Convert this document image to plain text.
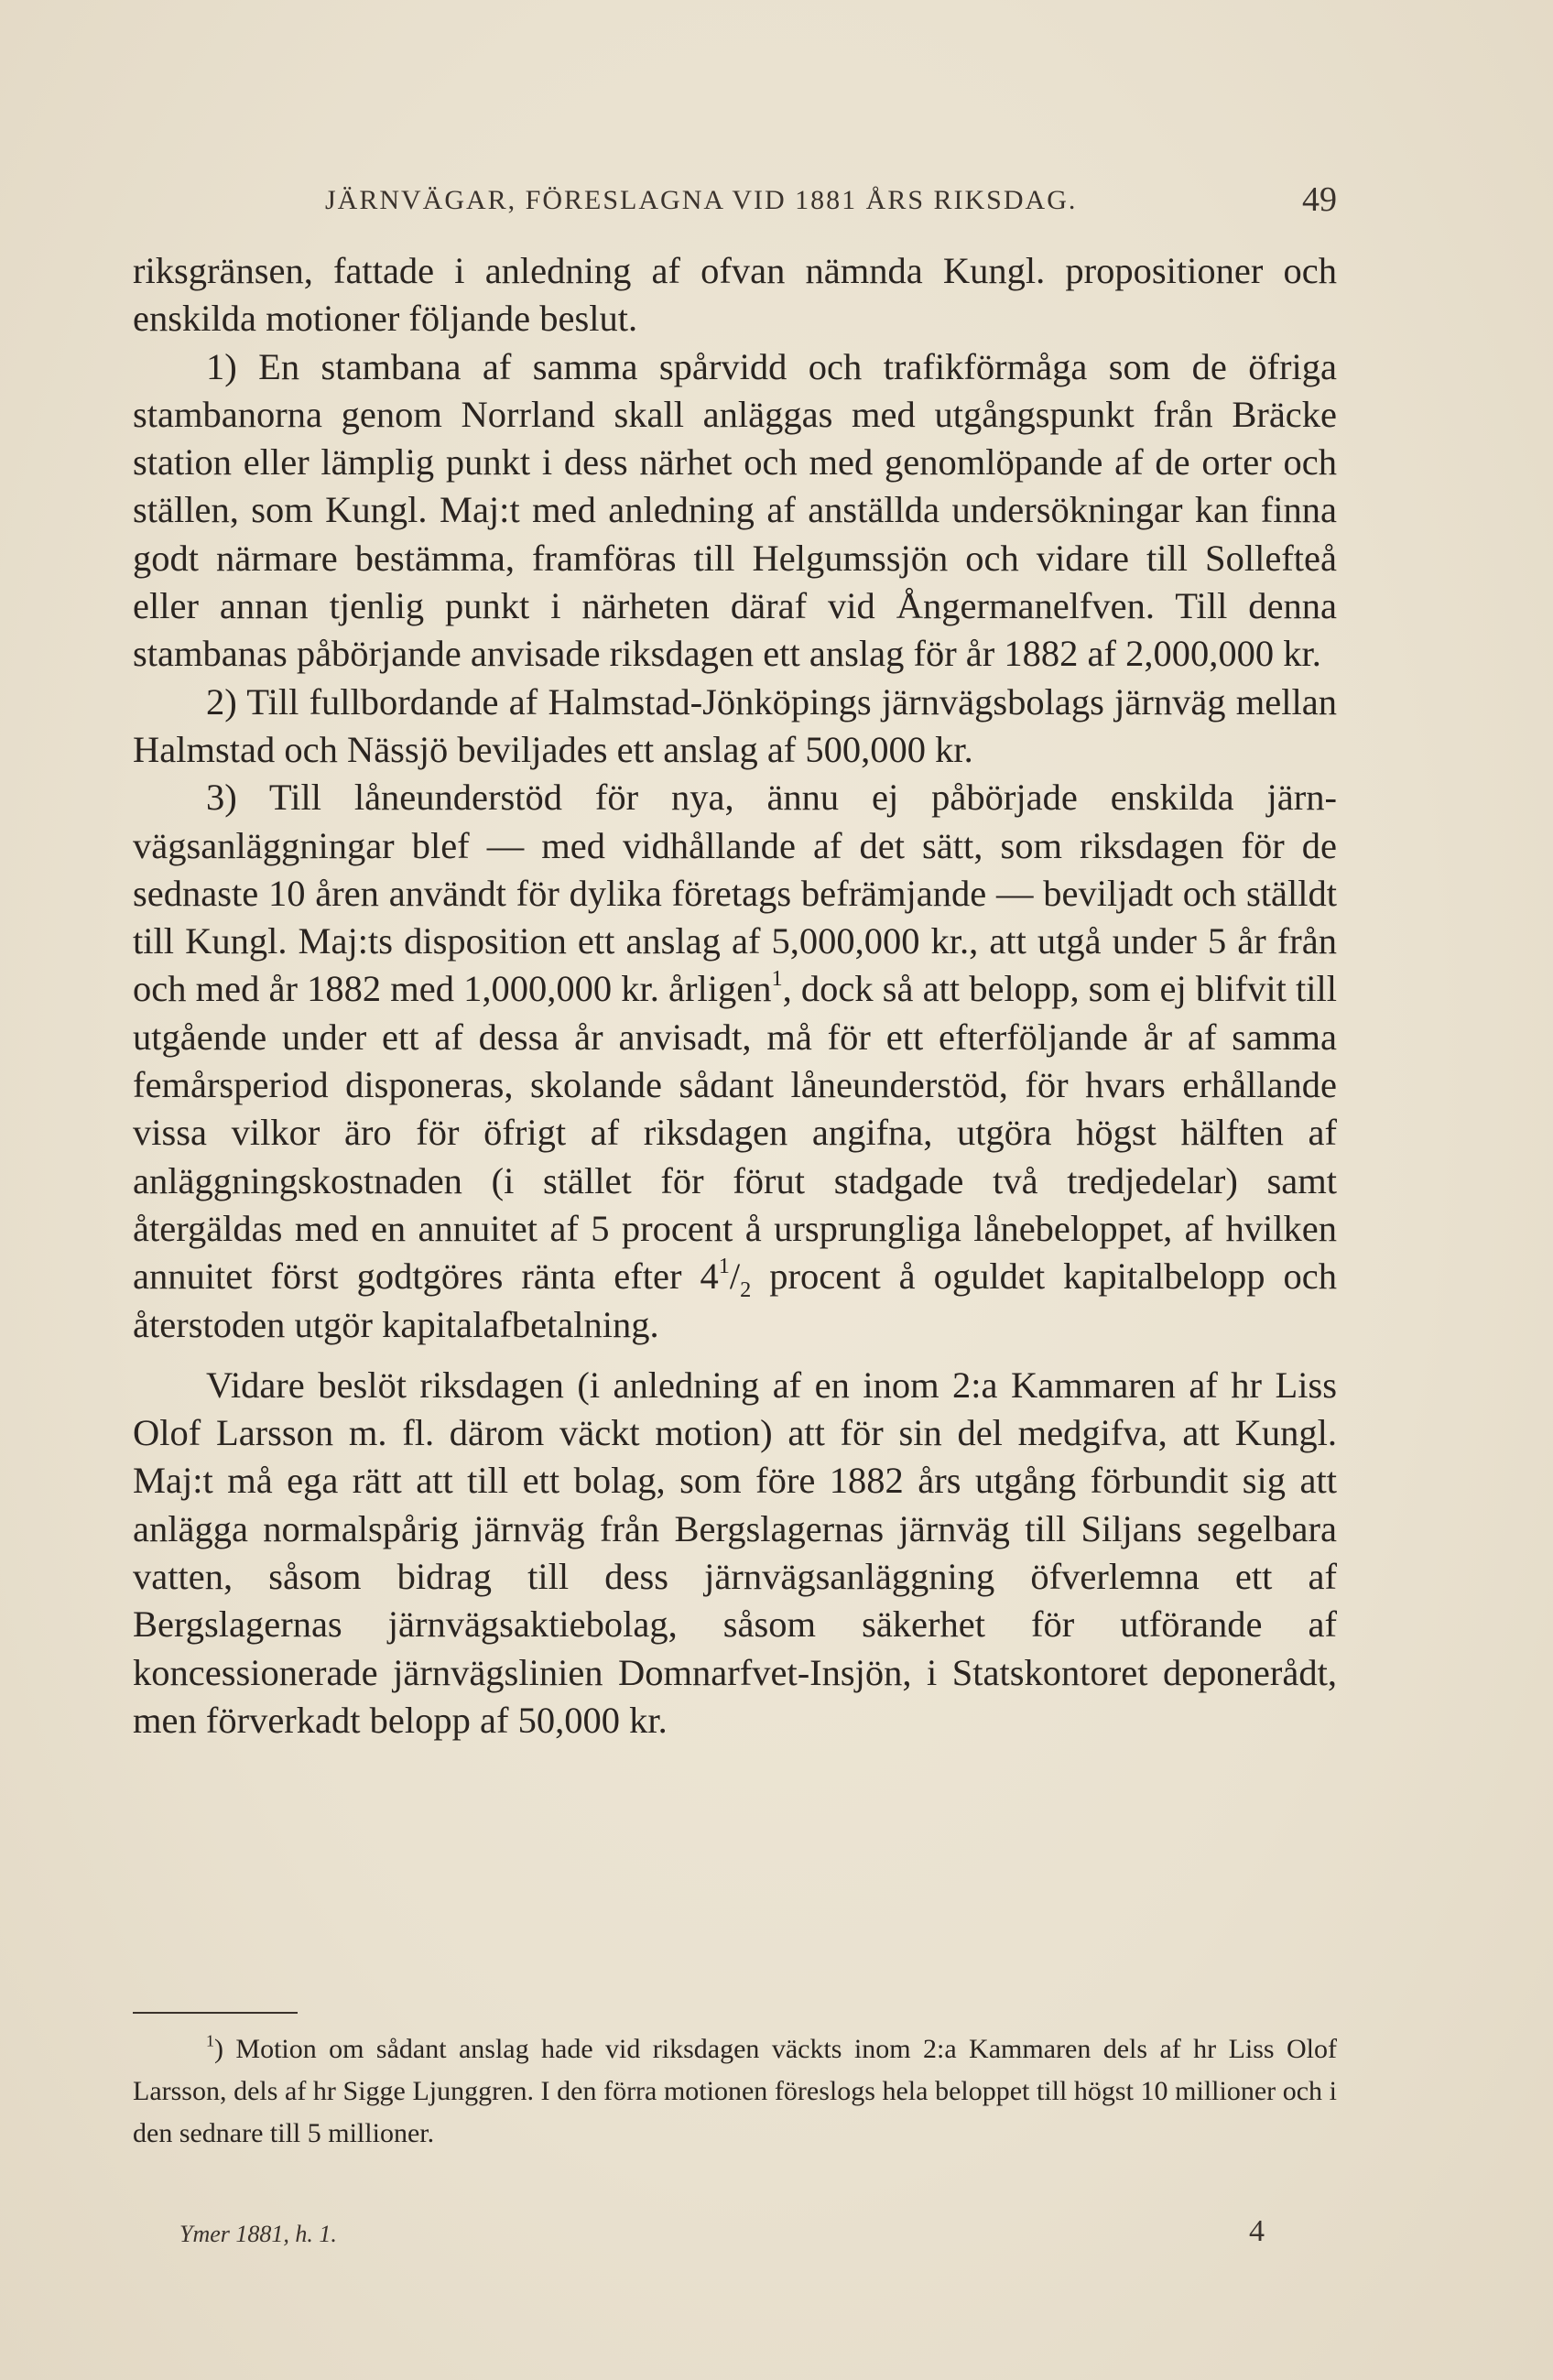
JÄRNVÄGAR, FÖRESLAGNA VID 1881 ÅRS RIKSDAG.	49

riksgränsen, fattade i anledning af ofvan nämnda Kungl. propositioner och enskilda motioner följande beslut.

1) En stambana af samma spårvidd och trafikförmåga som de öfriga stambanorna genom Norrland skall anläggas med utgångspunkt från Bräcke station eller lämplig punkt i dess närhet och med genomlöpande af de orter och ställen, som Kungl. Maj:t med anledning af anställda undersökningar kan finna godt närmare bestämma, framföras till Helgumssjön och vidare till Sollefteå eller annan tjenlig punkt i närheten däraf vid Ångermanelfven. Till denna stambanas påbörjande anvisade riksdagen ett anslag för år 1882 af 2,000,000 kr.

2) Till fullbordande af Halmstad-Jönköpings järnvägsbolags järnväg mellan Halmstad och Nässjö beviljades ett anslag af 500,000 kr.

3) Till låneunderstöd för nya, ännu ej påbörjade enskilda järnvägsanläggningar blef — med vidhållande af det sätt, som riksdagen för de sednaste 10 åren användt för dylika företags befrämjande — beviljadt och ställdt till Kungl. Maj:ts disposition ett anslag af 5,000,000 kr., att utgå under 5 år från och med år 1882 med 1,000,000 kr. årligen$^1$, dock så att belopp, som ej blifvit till utgående under ett af dessa år anvisadt, må för ett efterföljande år af samma femårsperiod disponeras, skolande sådant låneunderstöd, för hvars erhållande vissa vilkor äro för öfrigt af riksdagen angifna, utgöra högst hälften af anläggningskostnaden (i stället för förut stadgade två tredjedelar) samt återgäldas med en annuitet af 5 procent å ursprungliga lånebeloppet, af hvilken annuitet först godtgöres ränta efter $4^1/_2$ procent å oguldet kapitalbelopp och återstoden utgör kapitalafbetalning.

Vidare beslöt riksdagen (i anledning af en inom 2:a Kammaren af hr Liss Olof Larsson m. fl. därom väckt motion) att för sin del medgifva, att Kungl. Maj:t må ega rätt att till ett bolag, som före 1882 års utgång förbundit sig att anlägga normalspårig järnväg från Bergslagernas järnväg till Siljans segelbara vatten, såsom bidrag till dess järnvägsanläggning öfverlemna ett af Bergslagernas järnvägsaktiebolag, såsom säkerhet för utförande af koncessionerade järnvägslinien Domnarfvet-Insjön, i Statskontoret deponerådt, men förverkadt belopp af 50,000 kr.

$^1$) Motion om sådant anslag hade vid riksdagen väckts inom 2:a Kammaren dels af hr Liss Olof Larsson, dels af hr Sigge Ljunggren. I den förra motionen föreslogs hela beloppet till högst 10 millioner och i den sednare till 5 millioner.

Ymer 1881, h. 1.	4
